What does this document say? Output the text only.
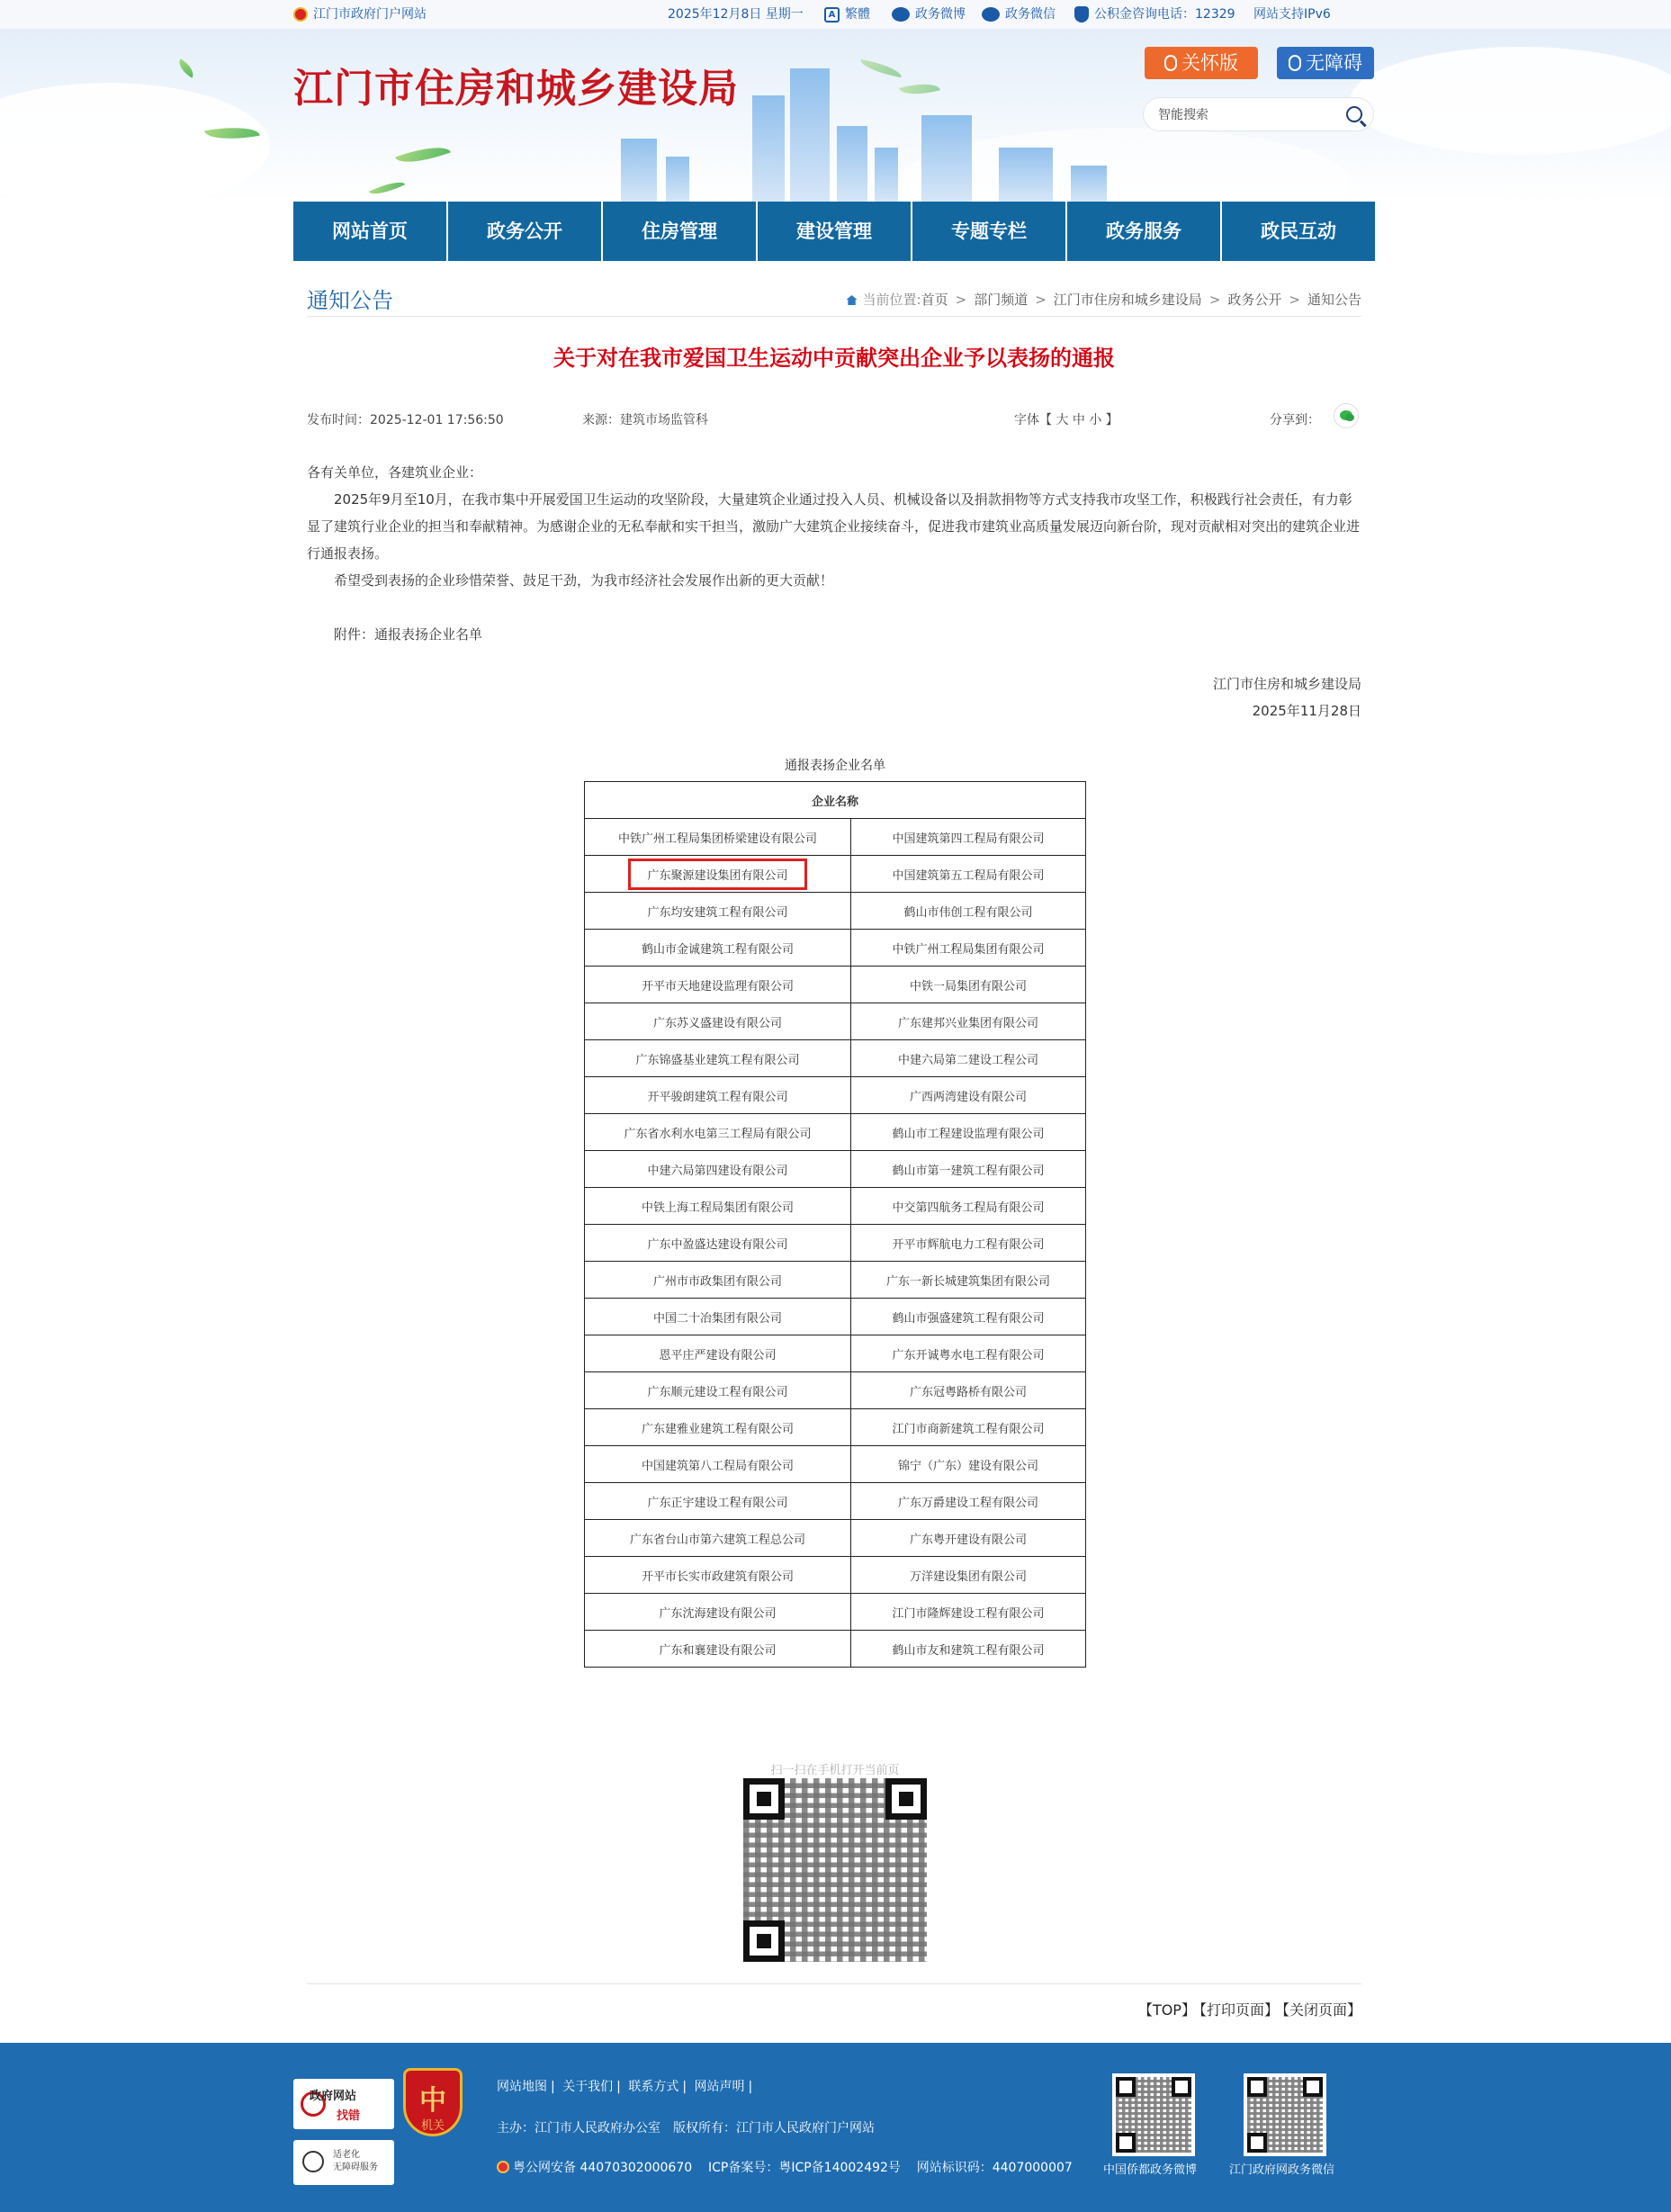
江门市政府门户网站	2025年12月8日 星期一	A 繁體	政务微博	政务微信	公积金咨询电话：12329 网站支持IPv6
江门市住房和城乡建设局
关怀版	无障碍
智能搜索
网站首页	政务公开	住房管理	建设管理	专题专栏	政务服务	政民互动
通知公告	当前位置:首页 > 部门频道 > 江门市住房和城乡建设局 > 政务公开 > 通知公告
关于对在我市爱国卫生运动中贡献突出企业予以表扬的通报
发布时间：2025-12-01 17:56:50	来源：建筑市场监管科	字体【 大 中 小 】	分享到：

各有关单位，各建筑业企业：

2025年9月至10月，在我市集中开展爱国卫生运动的攻坚阶段，大量建筑企业通过投入人员、机械设备以及捐款捐物等方式支持我市攻坚工作，积极践行社会责任，有力彰显了建筑行业企业的担当和奉献精神。为感谢企业的无私奉献和实干担当，激励广大建筑企业接续奋斗，促进我市建筑业高质量发展迈向新台阶，现对贡献相对突出的建筑企业进行通报表扬。

希望受到表扬的企业珍惜荣誉、鼓足干劲，为我市经济社会发展作出新的更大贡献！

附件：通报表扬企业名单

江门市住房和城乡建设局
2025年11月28日
通报表扬企业名单
企业名称	
中铁广州工程局集团桥梁建设有限公司	中国建筑第四工程局有限公司
广东聚源建设集团有限公司	中国建筑第五工程局有限公司
广东均安建筑工程有限公司	鹤山市伟创工程有限公司
鹤山市金诚建筑工程有限公司	中铁广州工程局集团有限公司
开平市天地建设监理有限公司	中铁一局集团有限公司
广东苏义盛建设有限公司	广东建邦兴业集团有限公司
广东锦盛基业建筑工程有限公司	中建六局第二建设工程公司
开平骏朗建筑工程有限公司	广西两湾建设有限公司
广东省水利水电第三工程局有限公司	鹤山市工程建设监理有限公司
中建六局第四建设有限公司	鹤山市第一建筑工程有限公司
中铁上海工程局集团有限公司	中交第四航务工程局有限公司
广东中盈盛达建设有限公司	开平市辉航电力工程有限公司
广州市市政集团有限公司	广东一新长城建筑集团有限公司
中国二十冶集团有限公司	鹤山市强盛建筑工程有限公司
恩平庄严建设有限公司	广东开诚粤水电工程有限公司
广东顺元建设工程有限公司	广东冠粤路桥有限公司
广东建雅业建筑工程有限公司	江门市商新建筑工程有限公司
中国建筑第八工程局有限公司	锦宁（广东）建设有限公司
广东正宇建设工程有限公司	广东万爵建设工程有限公司
广东省台山市第六建筑工程总公司	广东粤开建设有限公司
开平市长实市政建筑有限公司	万洋建设集团有限公司
广东沈海建设有限公司	江门市隆辉建设工程有限公司
广东和襄建设有限公司	鹤山市友和建筑工程有限公司
扫一扫在手机打开当前页
【TOP】 【打印页面】 【关闭页面】
政府网站
找错
适老化
无障碍服务
中
机关
网站地图 | 关于我们 | 联系方式 | 网站声明 |
主办：江门市人民政府办公室　版权所有：江门市人民政府门户网站
粤公网安备 44070302000670 ICP备案号：粤ICP备14002492号 网站标识码：4407000007	中国侨都政务微博	江门政府网政务微信
